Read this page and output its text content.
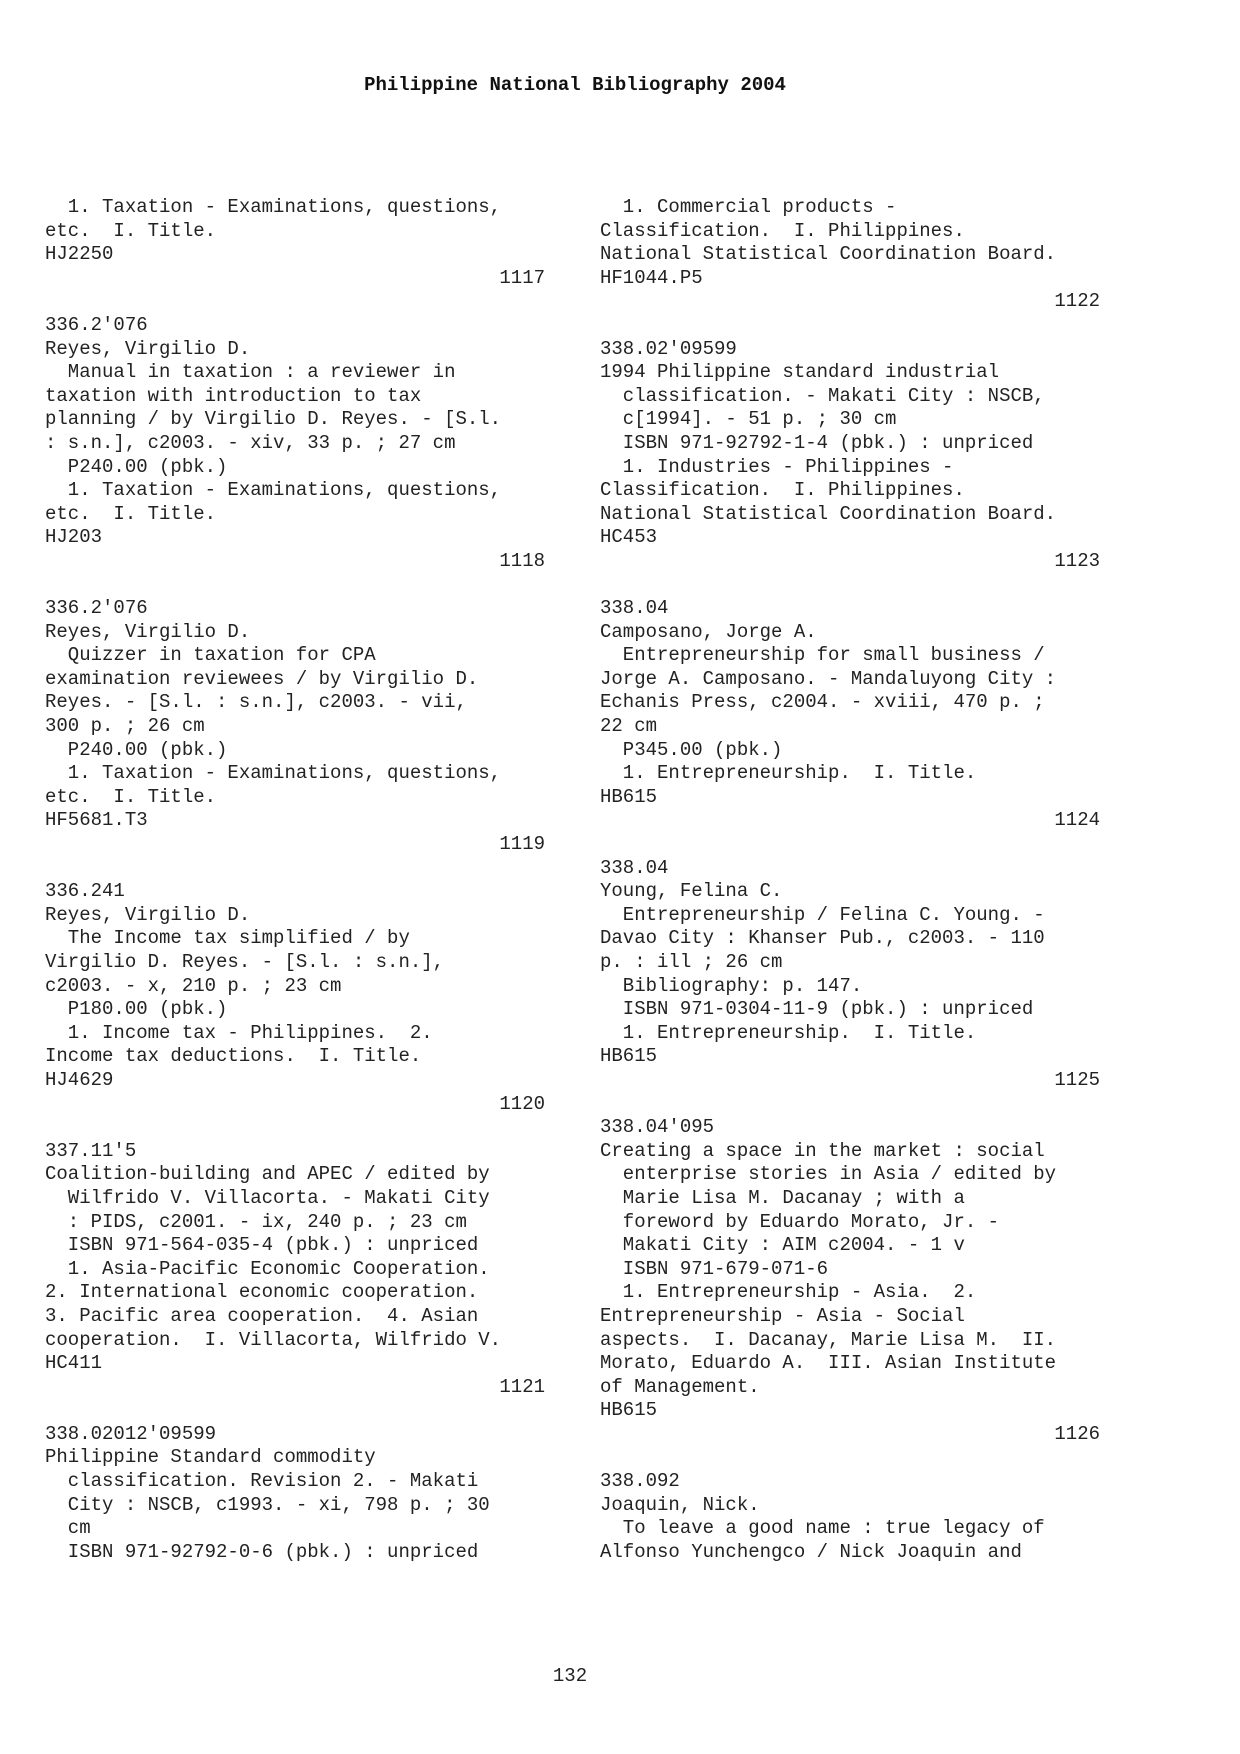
Philippine National Bibliography 2004
1. Taxation - Examinations, questions,
etc.  I. Title.
HJ2250
1117
336.2'076
Reyes, Virgilio D.
Manual in taxation : a reviewer in
taxation with introduction to tax
planning / by Virgilio D. Reyes. - [S.l.
: s.n.], c2003. - xiv, 33 p. ; 27 cm
P240.00 (pbk.)
1. Taxation - Examinations, questions,
etc.  I. Title.
HJ203
1118
336.2'076
Reyes, Virgilio D.
Quizzer in taxation for CPA
examination reviewees / by Virgilio D.
Reyes. - [S.l. : s.n.], c2003. - vii,
300 p. ; 26 cm
P240.00 (pbk.)
1. Taxation - Examinations, questions,
etc.  I. Title.
HF5681.T3
1119
336.241
Reyes, Virgilio D.
The Income tax simplified / by
Virgilio D. Reyes. - [S.l. : s.n.],
c2003. - x, 210 p. ; 23 cm
P180.00 (pbk.)
1. Income tax - Philippines.  2.
Income tax deductions.  I. Title.
HJ4629
1120
337.11'5
Coalition-building and APEC / edited by
Wilfrido V. Villacorta. - Makati City
: PIDS, c2001. - ix, 240 p. ; 23 cm
ISBN 971-564-035-4 (pbk.) : unpriced
1. Asia-Pacific Economic Cooperation.
2. International economic cooperation.
3. Pacific area cooperation.  4. Asian
cooperation.  I. Villacorta, Wilfrido V.
HC411
1121
338.02012'09599
Philippine Standard commodity
classification. Revision 2. - Makati
City : NSCB, c1993. - xi, 798 p. ; 30
cm
ISBN 971-92792-0-6 (pbk.) : unpriced
1. Commercial products -
Classification.  I. Philippines.
National Statistical Coordination Board.
HF1044.P5
1122
338.02'09599
1994 Philippine standard industrial
classification. - Makati City : NSCB,
c[1994]. - 51 p. ; 30 cm
ISBN 971-92792-1-4 (pbk.) : unpriced
1. Industries - Philippines -
Classification.  I. Philippines.
National Statistical Coordination Board.
HC453
1123
338.04
Camposano, Jorge A.
Entrepreneurship for small business /
Jorge A. Camposano. - Mandaluyong City :
Echanis Press, c2004. - xviii, 470 p. ;
22 cm
P345.00 (pbk.)
1. Entrepreneurship.  I. Title.
HB615
1124
338.04
Young, Felina C.
Entrepreneurship / Felina C. Young. -
Davao City : Khanser Pub., c2003. - 110
p. : ill ; 26 cm
Bibliography: p. 147.
ISBN 971-0304-11-9 (pbk.) : unpriced
1. Entrepreneurship.  I. Title.
HB615
1125
338.04'095
Creating a space in the market : social
enterprise stories in Asia / edited by
Marie Lisa M. Dacanay ; with a
foreword by Eduardo Morato, Jr. -
Makati City : AIM c2004. - 1 v
ISBN 971-679-071-6
1. Entrepreneurship - Asia.  2.
Entrepreneurship - Asia - Social
aspects.  I. Dacanay, Marie Lisa M.  II.
Morato, Eduardo A.  III. Asian Institute
of Management.
HB615
1126
338.092
Joaquin, Nick.
To leave a good name : true legacy of
Alfonso Yunchengco / Nick Joaquin and
132
